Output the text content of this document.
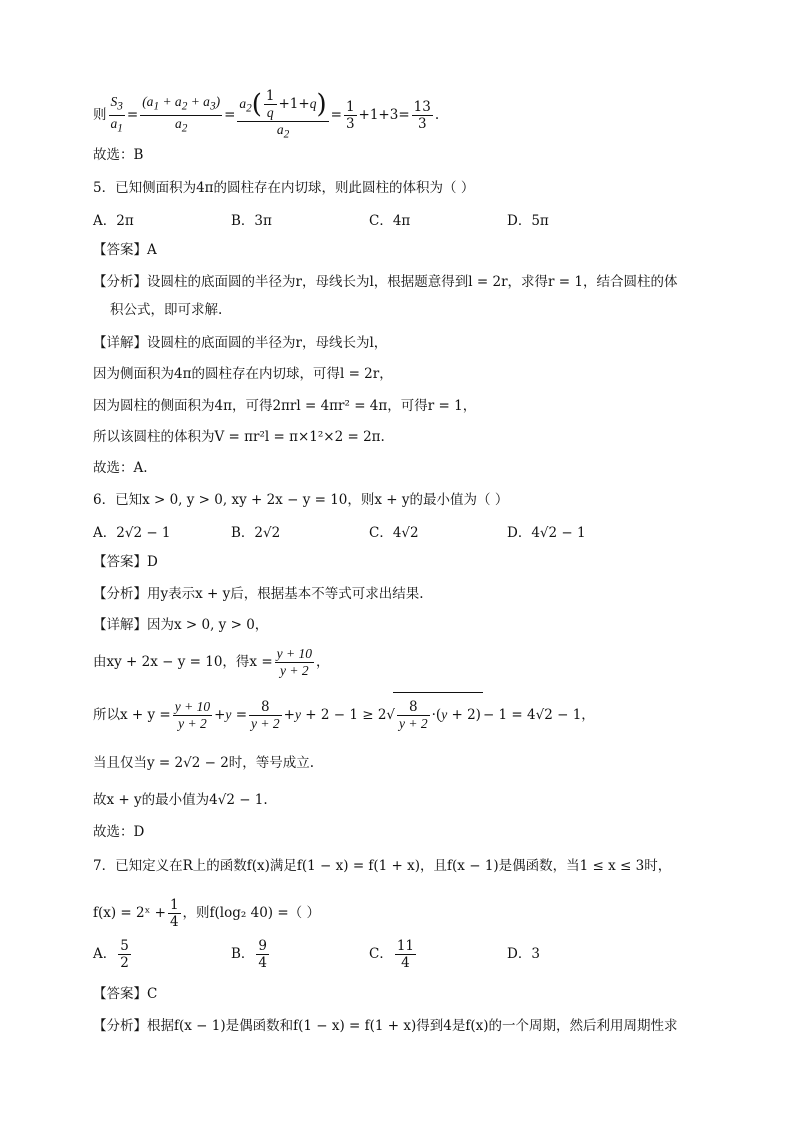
则 $\frac{S_3}{a_1} = \frac{(a_1 + a_2 + a_3)}{a_2} = \frac{a_2( \frac{1}{q} +1+q)}{a_2} = \frac{1}{3} +1+3= \frac{13}{3}$ .
故选：B
5．已知侧面积为4π的圆柱存在内切球，则此圆柱的体积为（ ）
A．2π	B．3π	C．4π	D．5π
【答案】A
【分析】设圆柱的底面圆的半径为r，母线长为l，根据题意得到l = 2r，求得r = 1，结合圆柱的体
积公式，即可求解.
【详解】设圆柱的底面圆的半径为r，母线长为l，
因为侧面积为4π的圆柱存在内切球，可得l = 2r，
因为圆柱的侧面积为4π，可得2πrl = 4πr² = 4π，可得r = 1，
所以该圆柱的体积为V = πr²l = π×1²×2 = 2π.
故选：A.
6．已知x > 0, y > 0, xy + 2x − y = 10，则x + y的最小值为（ ）
A．2√2 − 1	B．2√2	C．4√2	D．4√2 − 1
【答案】D
【分析】用y表示x + y后，根据基本不等式可求出结果.
【详解】因为x > 0, y > 0，
由xy + 2x − y = 10，得$x = \frac{y + 10}{y + 2}$ ，
所以$x + y = \frac{y + 10}{y + 2} +y = \frac{8}{y + 2} +y + 2 - 1 \ge 2√ \frac{8}{y + 2} \cdot(y + 2) - 1 = 4√2 - 1$，
当且仅当y = 2√2 − 2时，等号成立.
故x + y的最小值为4√2 − 1.
故选：D
7．已知定义在R上的函数f(x)满足f(1 − x) = f(1 + x)，且f(x − 1)是偶函数，当1 ≤ x ≤ 3时，
f(x) = 2ˣ + $\frac{1}{4}$ ，则f(log₂ 40) =（ ）
A． $\frac{5}{2}$	B． $\frac{9}{4}$	C． $\frac{11}{4}$	D．3
【答案】C
【分析】根据f(x − 1)是偶函数和f(1 − x) = f(1 + x)得到4是f(x)的一个周期，然后利用周期性求
